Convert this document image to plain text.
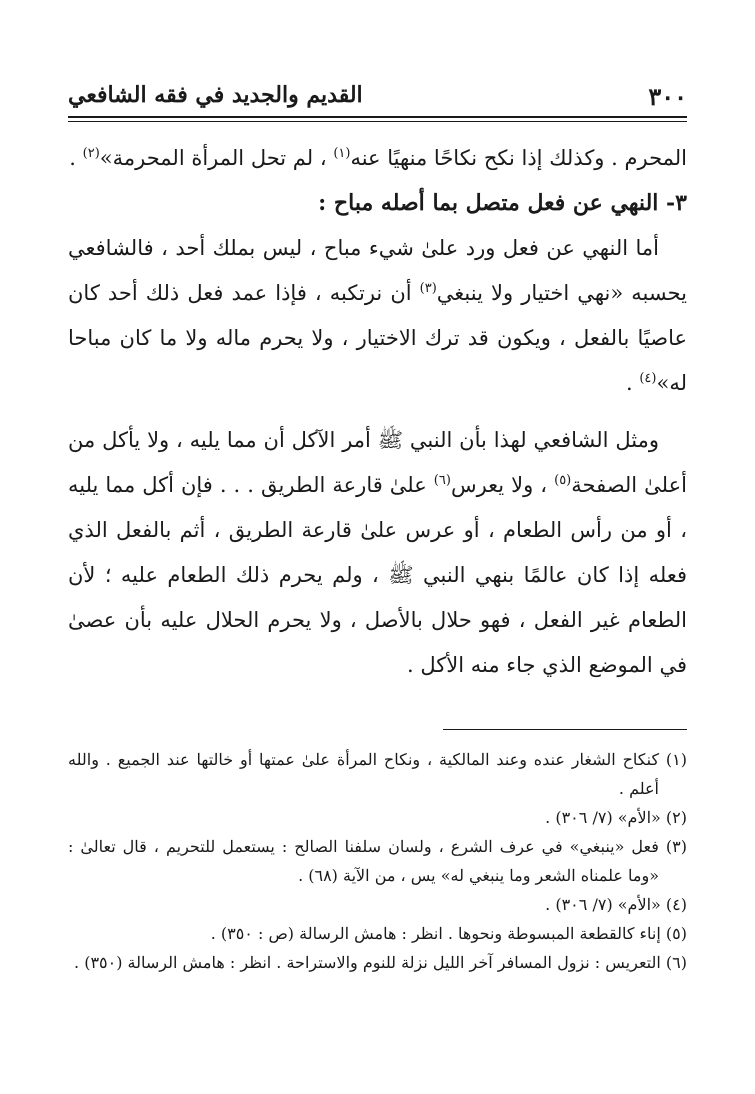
٣٠٠
القديم والجديد في فقه الشافعي

المحرم . وكذلك إذا نكح نكاحًا منهيًا عنه$^{(١)}$ ، لم تحل المرأة المحرمة»$^{(٢)}$ .

٣- النهي عن فعل متصل بما أصله مباح :

أما النهي عن فعل ورد علىٰ شيء مباح ، ليس بملك أحد ، فالشافعي يحسبه «نهي اختيار ولا ينبغي$^{(٣)}$ أن نرتكبه ، فإذا عمد فعل ذلك أحد كان عاصيًا بالفعل ، ويكون قد ترك الاختيار ، ولا يحرم ماله ولا ما كان مباحا له»$^{(٤)}$ .

ومثل الشافعي لهذا بأن النبي ﷺ أمر الآكل أن مما يليه ، ولا يأكل من أعلىٰ الصفحة$^{(٥)}$ ، ولا يعرس$^{(٦)}$ علىٰ قارعة الطريق . . . فإن أكل مما يليه ، أو من رأس الطعام ، أو عرس علىٰ قارعة الطريق ، أثم بالفعل الذي فعله إذا كان عالمًا بنهي النبي ﷺ ، ولم يحرم ذلك الطعام عليه ؛ لأن الطعام غير الفعل ، فهو حلال بالأصل ، ولا يحرم الحلال عليه بأن عصىٰ في الموضع الذي جاء منه الأكل .

(١) كنكاح الشغار عنده وعند المالكية ، ونكاح المرأة علىٰ عمتها أو خالتها عند الجميع . والله أعلم .

(٢) «الأم» (٧/ ٣٠٦) .

(٣) فعل «ينبغي» في عرف الشرع ، ولسان سلفنا الصالح : يستعمل للتحريم ، قال تعالىٰ : «وما علمناه الشعر وما ينبغي له» يس ، من الآية (٦٨) .

(٤) «الأم» (٧/ ٣٠٦) .

(٥) إناء كالقطعة المبسوطة ونحوها . انظر : هامش الرسالة (ص : ٣٥٠) .

(٦) التعريس : نزول المسافر آخر الليل نزلة للنوم والاستراحة . انظر : هامش الرسالة (٣٥٠) .
